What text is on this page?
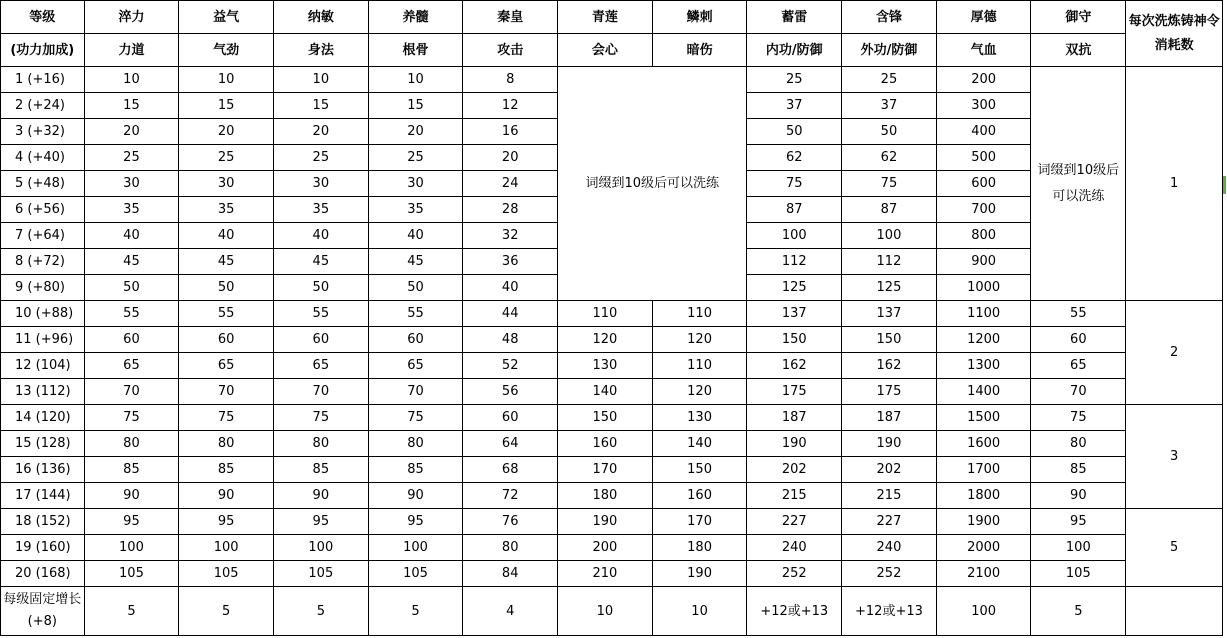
等级	淬力	益气	纳敏	养髓	秦皇	青莲	鳞刺	蓄雷	含锋	厚德	御守	每次洗炼铸神令消耗数
(功力加成)	力道	气劲	身法	根骨	攻击	会心	暗伤	内功/防御	外功/防御	气血	双抗	
1 (+16)	10	10	10	10	8	词缀到10级后可以洗练		25	25	200	词缀到10级后可以洗练	1
2 (+24)	15	15	15	15	12			37	37	300		
3 (+32)	20	20	20	20	16			50	50	400		
4 (+40)	25	25	25	25	20			62	62	500		
5 (+48)	30	30	30	30	24			75	75	600		
6 (+56)	35	35	35	35	28			87	87	700		
7 (+64)	40	40	40	40	32			100	100	800		
8 (+72)	45	45	45	45	36			112	112	900		
9 (+80)	50	50	50	50	40			125	125	1000		
10 (+88)	55	55	55	55	44	110	110	137	137	1100	55	2
11 (+96)	60	60	60	60	48	120	120	150	150	1200	60	
12 (104)	65	65	65	65	52	130	110	162	162	1300	65	
13 (112)	70	70	70	70	56	140	120	175	175	1400	70	
14 (120)	75	75	75	75	60	150	130	187	187	1500	75	3
15 (128)	80	80	80	80	64	160	140	190	190	1600	80	
16 (136)	85	85	85	85	68	170	150	202	202	1700	85	
17 (144)	90	90	90	90	72	180	160	215	215	1800	90	
18 (152)	95	95	95	95	76	190	170	227	227	1900	95	5
19 (160)	100	100	100	100	80	200	180	240	240	2000	100	
20 (168)	105	105	105	105	84	210	190	252	252	2100	105	
每级固定增长(+8)	5	5	5	5	4	10	10	+12或+13	+12或+13	100	5	
